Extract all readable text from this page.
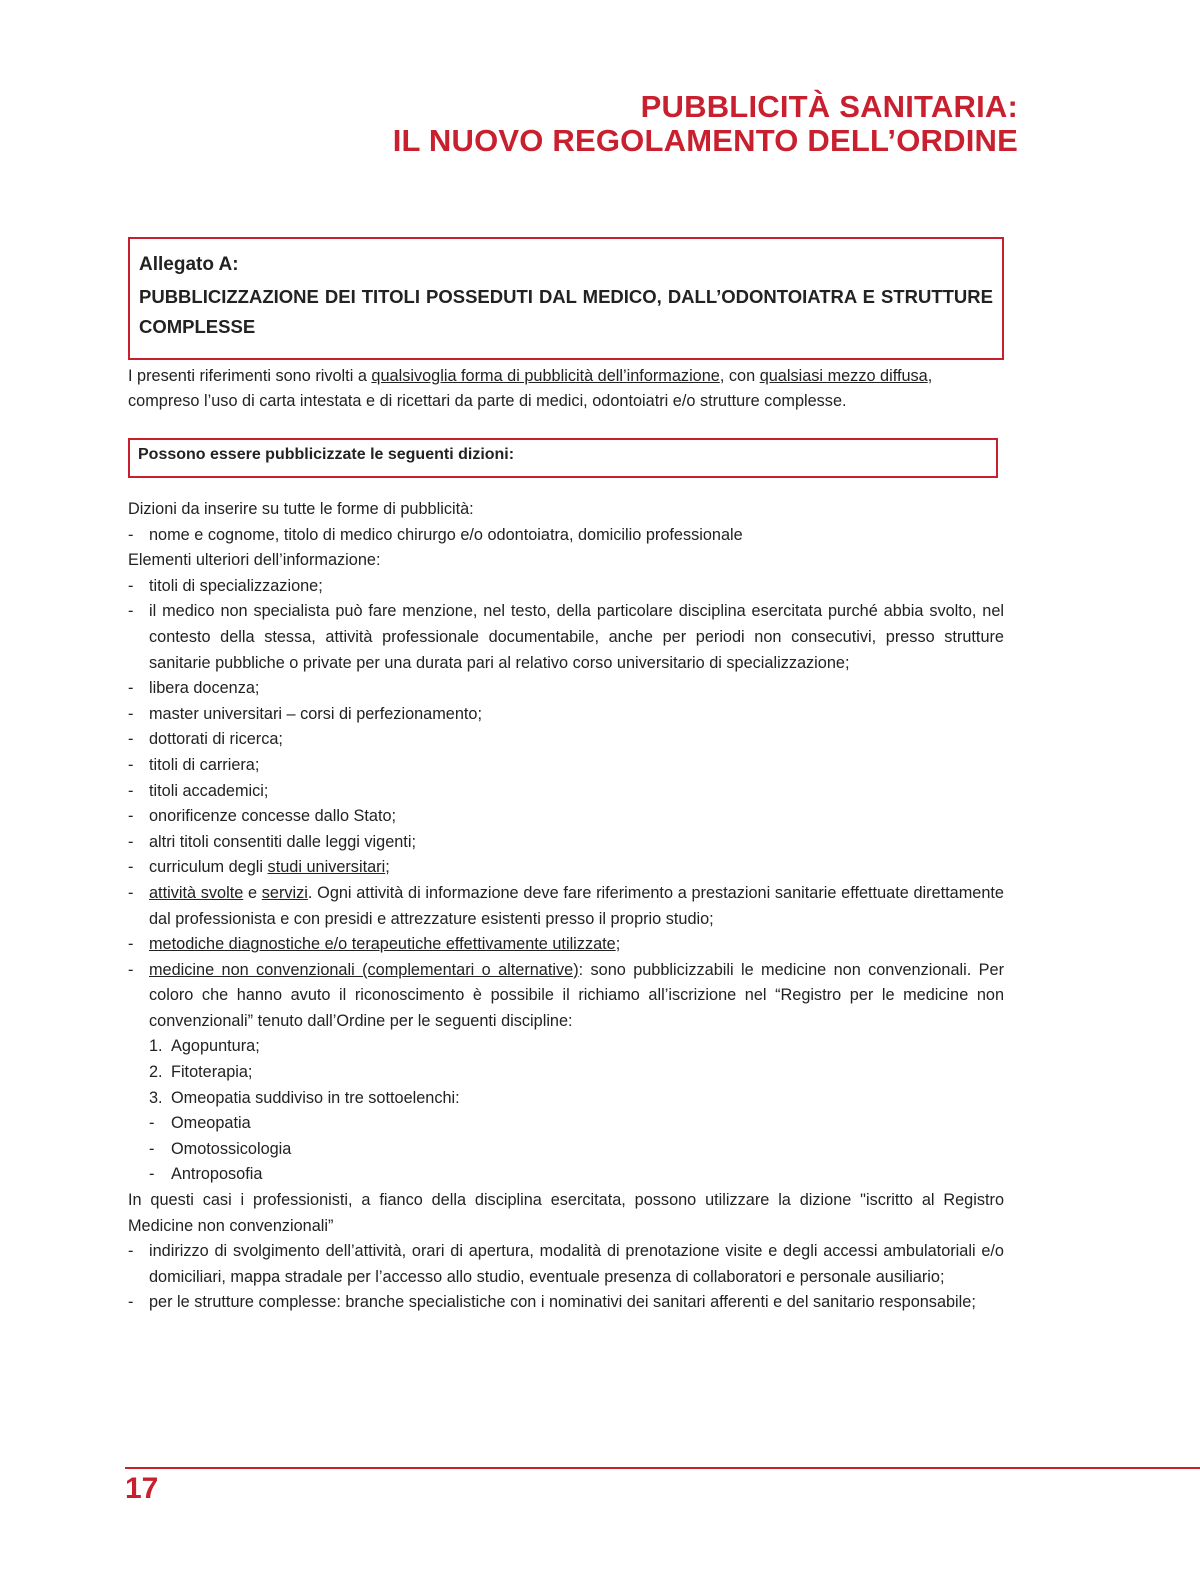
PUBBLICITÀ SANITARIA:
IL NUOVO REGOLAMENTO DELL’ORDINE
Allegato A:
PUBBLICIZZAZIONE DEI TITOLI POSSEDUTI DAL MEDICO, DALL’ODONTOIATRA E STRUTTURE COMPLESSE
I presenti riferimenti sono rivolti a qualsivoglia forma di pubblicità dell’informazione, con qualsiasi mezzo diffusa, compreso l’uso di carta intestata e di ricettari da parte di medici, odontoiatri e/o strutture complesse.
Possono essere pubblicizzate le seguenti dizioni:
Dizioni da inserire su tutte le forme di pubblicità:
- nome e cognome, titolo di medico chirurgo e/o odontoiatra, domicilio professionale
Elementi ulteriori dell’informazione:
- titoli di specializzazione;
- il medico non specialista può fare menzione, nel testo, della particolare disciplina esercitata purché abbia svolto, nel contesto della stessa, attività professionale documentabile, anche per periodi non consecutivi, presso strutture sanitarie pubbliche o private per una durata pari al relativo corso universitario di specializzazione;
- libera docenza;
- master universitari – corsi di perfezionamento;
- dottorati di ricerca;
- titoli di carriera;
- titoli accademici;
- onorificenze concesse dallo Stato;
- altri titoli consentiti dalle leggi vigenti;
- curriculum degli studi universitari;
- attività svolte e servizi. Ogni attività di informazione deve fare riferimento a prestazioni sanitarie effettuate direttamente dal professionista e con presidi e attrezzature esistenti presso il proprio studio;
- metodiche diagnostiche e/o terapeutiche effettivamente utilizzate;
- medicine non convenzionali (complementari o alternative): sono pubblicizzabili le medicine non convenzionali. Per coloro che hanno avuto il riconoscimento è possibile il richiamo all’iscrizione nel “Registro per le medicine non convenzionali” tenuto dall’Ordine per le seguenti discipline:
1. Agopuntura;
2. Fitoterapia;
3. Omeopatia suddiviso in tre sottoelenchi:
- Omeopatia
- Omotossicologia
- Antroposofia
In questi casi i professionisti, a fianco della disciplina esercitata, possono utilizzare la dizione "iscritto al Registro Medicine non convenzionali”
- indirizzo di svolgimento dell’attività, orari di apertura, modalità di prenotazione visite e degli accessi ambulatoriali e/o domiciliari, mappa stradale per l’accesso allo studio, eventuale presenza di collaboratori e personale ausiliario;
- per le strutture complesse: branche specialistiche con i nominativi dei sanitari afferenti e del sanitario responsabile;
17
